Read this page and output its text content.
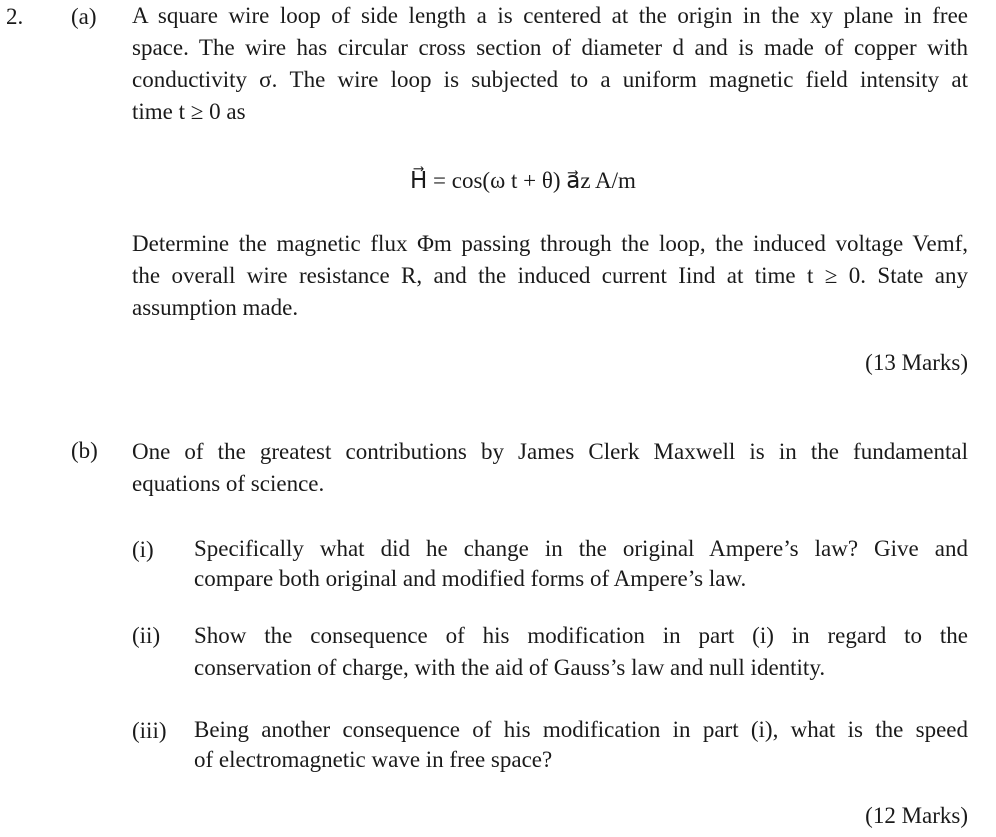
2. (a) A square wire loop of side length a is centered at the origin in the xy plane in free
space. The wire has circular cross section of diameter d and is made of copper with
conductivity σ. The wire loop is subjected to a uniform magnetic field intensity at
time t ≥ 0 as
H⃗ = cos(ω t + θ) a⃗z A/m
Determine the magnetic flux Φm passing through the loop, the induced voltage Vemf,
the overall wire resistance R, and the induced current Iind at time t ≥ 0. State any
assumption made.
(13 Marks)
(b) One of the greatest contributions by James Clerk Maxwell is in the fundamental
equations of science.
(i) Specifically what did he change in the original Ampere’s law? Give and
compare both original and modified forms of Ampere’s law.
(ii) Show the consequence of his modification in part (i) in regard to the
conservation of charge, with the aid of Gauss’s law and null identity.
(iii) Being another consequence of his modification in part (i), what is the speed
of electromagnetic wave in free space?
(12 Marks)
